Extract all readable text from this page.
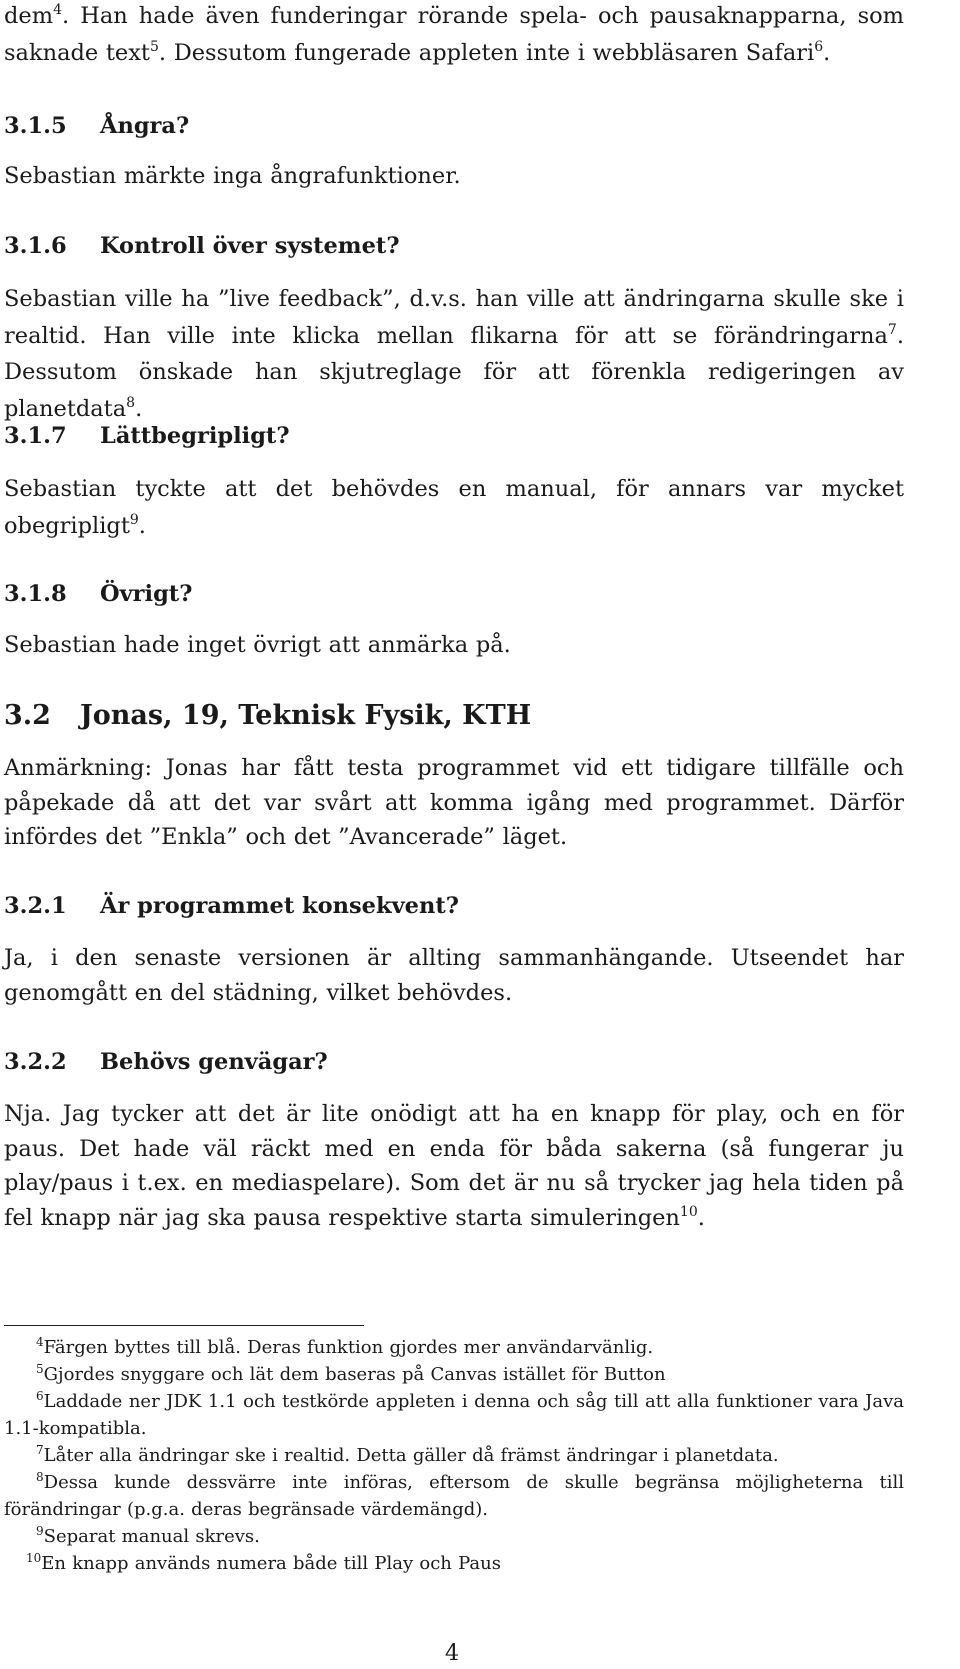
dem$^4$. Han hade även funderingar rörande spela- och pausaknapparna, som saknade text$^5$. Dessutom fungerade appleten inte i webbläsaren Safari$^6$.

3.1.5 Ångra?

Sebastian märkte inga ångrafunktioner.

3.1.6 Kontroll över systemet?

Sebastian ville ha ”live feedback”, d.v.s. han ville att ändringarna skulle ske i realtid. Han ville inte klicka mellan flikarna för att se förändringarna$^7$. Dessutom önskade han skjutreglage för att förenkla redigeringen av planetdata$^8$.

3.1.7 Lättbegripligt?

Sebastian tyckte att det behövdes en manual, för annars var mycket obegripligt$^9$.

3.1.8 Övrigt?

Sebastian hade inget övrigt att anmärka på.

3.2 Jonas, 19, Teknisk Fysik, KTH

Anmärkning: Jonas har fått testa programmet vid ett tidigare tillfälle och påpekade då att det var svårt att komma igång med programmet. Därför infördes det ”Enkla” och det ”Avancerade” läget.

3.2.1 Är programmet konsekvent?

Ja, i den senaste versionen är allting sammanhängande. Utseendet har genomgått en del städning, vilket behövdes.

3.2.2 Behövs genvägar?

Nja. Jag tycker att det är lite onödigt att ha en knapp för play, och en för paus. Det hade väl räckt med en enda för båda sakerna (så fungerar ju play/paus i t.ex. en mediaspelare). Som det är nu så trycker jag hela tiden på fel knapp när jag ska pausa respektive starta simuleringen$^{10}$.

$^4$Färgen byttes till blå. Deras funktion gjordes mer användarvänlig.

$^5$Gjordes snyggare och lät dem baseras på Canvas istället för Button

$^6$Laddade ner JDK 1.1 och testkörde appleten i denna och såg till att alla funktioner vara Java 1.1-kompatibla.

$^7$Låter alla ändringar ske i realtid. Detta gäller då främst ändringar i planetdata.

$^8$Dessa kunde dessvärre inte införas, eftersom de skulle begränsa möjligheterna till förändringar (p.g.a. deras begränsade värdemängd).

$^9$Separat manual skrevs.

$^{10}$En knapp används numera både till Play och Paus

4
